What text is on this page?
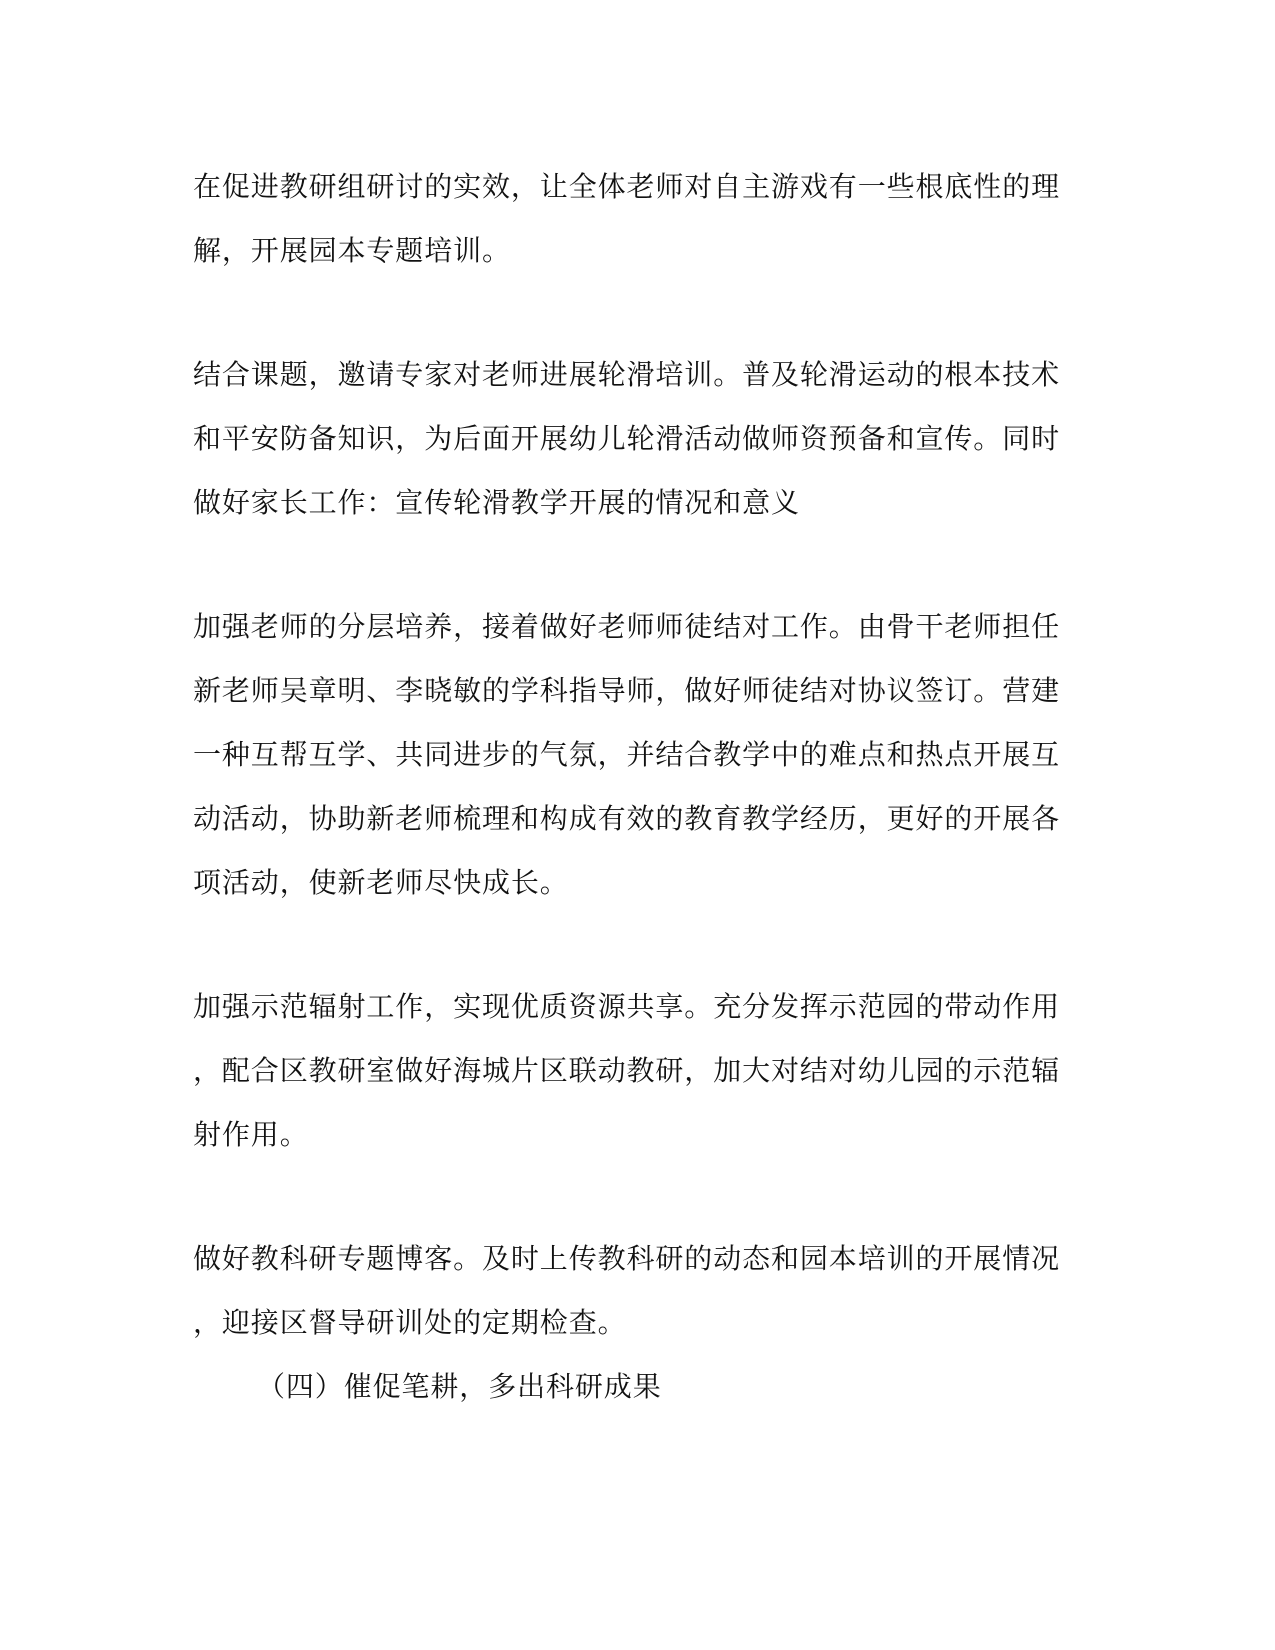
在促进教研组研讨的实效，让全体老师对自主游戏有一些根底性的理
解，开展园本专题培训。
结合课题，邀请专家对老师进展轮滑培训。普及轮滑运动的根本技术
和平安防备知识，为后面开展幼儿轮滑活动做师资预备和宣传。同时
做好家长工作：宣传轮滑教学开展的情况和意义
加强老师的分层培养，接着做好老师师徒结对工作。由骨干老师担任
新老师吴章明、李晓敏的学科指导师，做好师徒结对协议签订。营建
一种互帮互学、共同进步的气氛，并结合教学中的难点和热点开展互
动活动，协助新老师梳理和构成有效的教育教学经历，更好的开展各
项活动，使新老师尽快成长。
加强示范辐射工作，实现优质资源共享。充分发挥示范园的带动作用
，配合区教研室做好海城片区联动教研，加大对结对幼儿园的示范辐
射作用。
做好教科研专题博客。及时上传教科研的动态和园本培训的开展情况
，迎接区督导研训处的定期检查。
（四）催促笔耕，多出科研成果
